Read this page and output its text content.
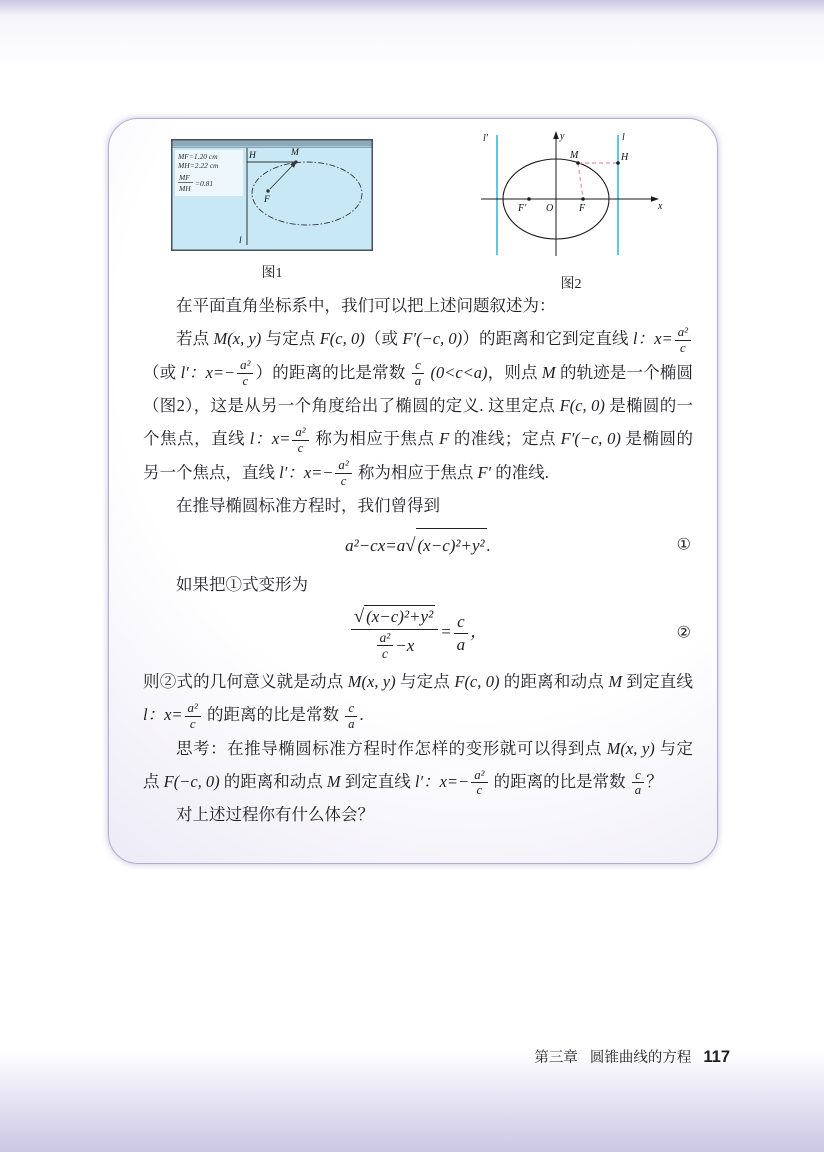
MF=1.20 cm
MH=2.22 cm
MF
MH
=0.81
H	M
F
l
图1
y
x
l′	l
M	H
F′ O	F
图2
在平面直角坐标系中，我们可以把上述问题叙述为：
若点 M(x, y) 与定点 F(c, 0)（或 F′(−c, 0)）的距离和它到定直线 l：$x= \frac{\text{a²}}{c}$
（或 l′：$x=- \frac{\text{a²}}{c}$ ）的距离的比是常数 $\frac{c}{a} (0<c<a)$，则点 M 的轨迹是一个椭圆（图2），这是从另一个角度给出了椭圆的定义. 这里定点 F(c, 0) 是椭圆的一个焦点，直线 l：$x= \frac{\text{a²}}{c}$ 称为相应于焦点 F 的准线；定点 F′(−c, 0) 是椭圆的另一个焦点，直线 l′：$x=- \frac{\text{a²}}{c}$ 称为相应于焦点 F′ 的准线.
在推导椭圆标准方程时，我们曾得到
a²−cx=a √ (x−c)²+y² .	①
如果把①式变形为
$\frac{\text{√ (x−c)²+y²}}{\frac{\text{a²}}{c} -x} = \frac{c}{a}$ ，	②
则②式的几何意义就是动点 M(x, y) 与定点 F(c, 0) 的距离和动点 M 到定直线 l：$x= \frac{\text{a²}}{c}$ 的距离的比是常数 $\frac{c}{a}$ .
思考：在推导椭圆标准方程时作怎样的变形就可以得到点 M(x, y) 与定点 F(−c, 0) 的距离和动点 M 到定直线 l′：$x=- \frac{\text{a²}}{c}$ 的距离的比是常数 $\frac{c}{a}$ ？
对上述过程你有什么体会？
第三章 圆锥曲线的方程 117
